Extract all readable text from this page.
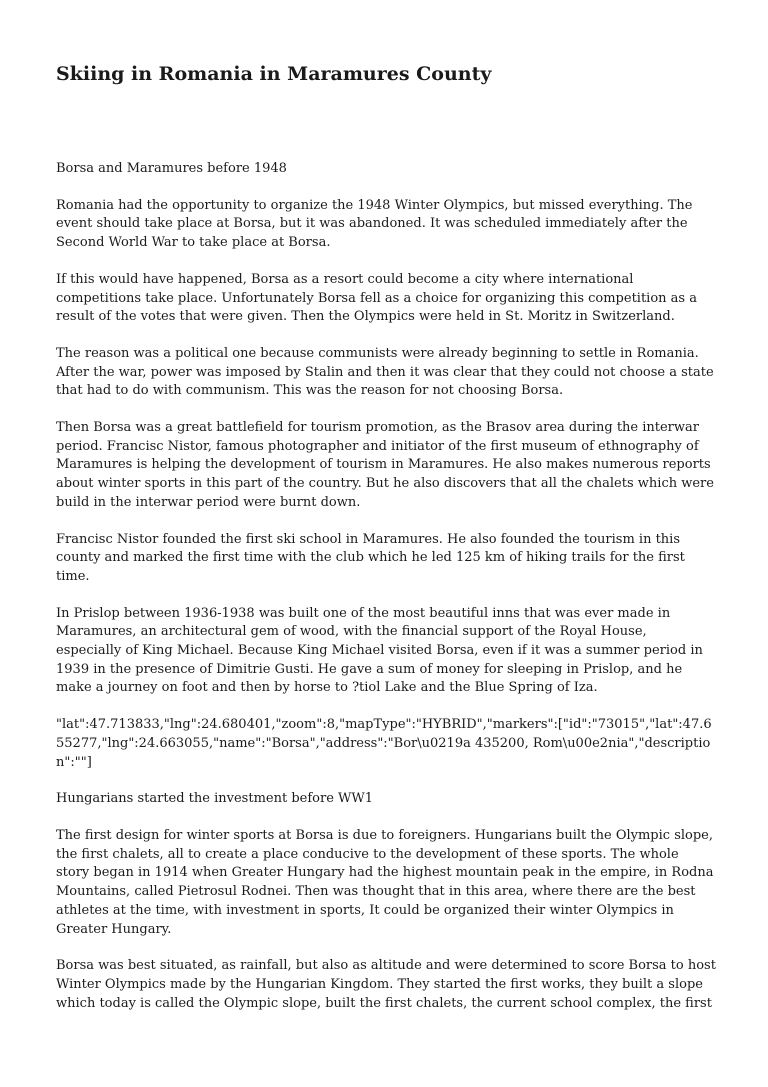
Skiing in Romania in Maramures County

Borsa and Maramures before 1948

Romania had the opportunity to organize the 1948 Winter Olympics, but missed everything. The event should take place at Borsa, but it was abandoned. It was scheduled immediately after the Second World War to take place at Borsa.

If this would have happened, Borsa as a resort could become a city where international competitions take place. Unfortunately Borsa fell as a choice for organizing this competition as a result of the votes that were given. Then the Olympics were held in St. Moritz in Switzerland.

The reason was a political one because communists were already beginning to settle in Romania. After the war, power was imposed by Stalin and then it was clear that they could not choose a state that had to do with communism. This was the reason for not choosing Borsa.

Then Borsa was a great battlefield for tourism promotion, as the Brasov area during the interwar period. Francisc Nistor, famous photographer and initiator of the first museum of ethnography of Maramures is helping the development of tourism in Maramures. He also makes numerous reports about winter sports in this part of the country. But he also discovers that all the chalets which were build in the interwar period were burnt down.

Francisc Nistor founded the first ski school in Maramures. He also founded the tourism in this county and marked the first time with the club which he led 125 km of hiking trails for the first time.

In Prislop between 1936-1938 was built one of the most beautiful inns that was ever made in Maramures, an architectural gem of wood, with the financial support of the Royal House, especially of King Michael. Because King Michael visited Borsa, even if it was a summer period in 1939 in the presence of Dimitrie Gusti. He gave a sum of money for sleeping in Prislop, and he make a journey on foot and then by horse to ?tiol Lake and the Blue Spring of Iza.

"lat":47.713833,"lng":24.680401,"zoom":8,"mapType":"HYBRID","markers":["id":"73015","lat":47.655277,"lng":24.663055,"name":"Borsa","address":"Bor\u0219a 435200, Rom\u00e2nia","description":""]

Hungarians started the investment before WW1

The first design for winter sports at Borsa is due to foreigners. Hungarians built the Olympic slope, the first chalets, all to create a place conducive to the development of these sports. The whole story began in 1914 when Greater Hungary had the highest mountain peak in the empire, in Rodna Mountains, called Pietrosul Rodnei. Then was thought that in this area, where there are the best athletes at the time, with investment in sports, It could be organized their winter Olympics in Greater Hungary.

Borsa was best situated, as rainfall, but also as altitude and were determined to score Borsa to host Winter Olympics made by the Hungarian Kingdom. They started the first works, they built a slope which today is called the Olympic slope, built the first chalets, the current school complex, the first
